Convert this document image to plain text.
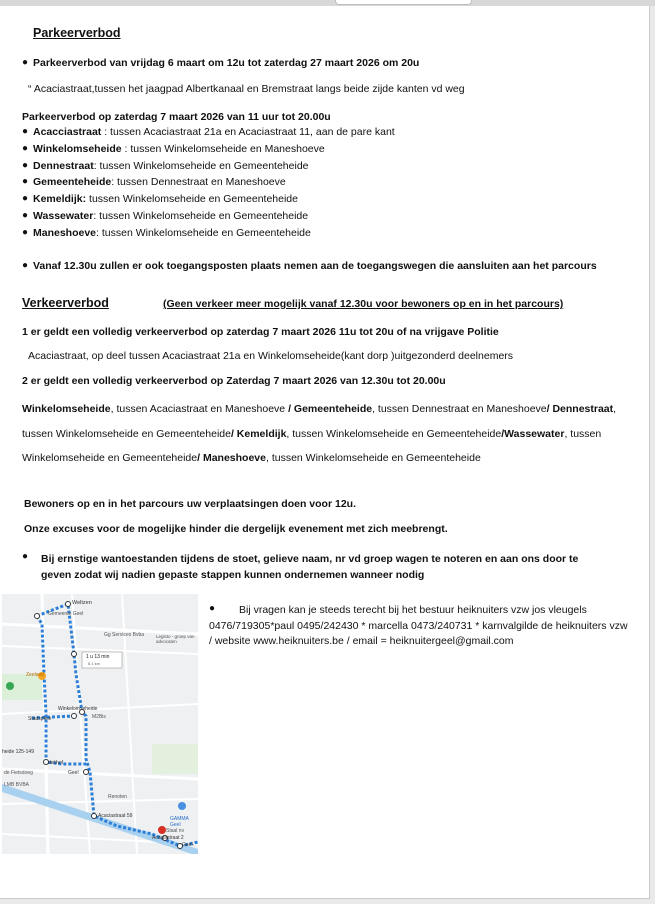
Parkeerverbod
● Parkeerverbod van vrijdag 6 maart om 12u tot zaterdag 27 maart 2026 om 20u
“ Acaciastraat,tussen het jaagpad Albertkanaal en Bremstraat langs beide zijde kanten vd weg
Parkeerverbod op zaterdag 7 maart 2026 van 11 uur tot 20.00u
● Acacciastraat : tussen Acaciastraat 21a en Acaciastraat 11, aan de pare kant
● Winkelomseheide : tussen Winkelomseheide en Maneshoeve
● Dennestraat: tussen Winkelomseheide en Gemeenteheide
● Gemeenteheide: tussen Dennestraat en Maneshoeve
● Kemeldijk: tussen Winkelomseheide en Gemeenteheide
● Wassewater: tussen Winkelomseheide en Gemeenteheide
● Maneshoeve: tussen Winkelomseheide en Gemeenteheide
● Vanaf 12.30u zullen er ook toegangsposten plaats nemen aan de toegangswegen die aansluiten aan het parcours
Verkeerverbod	(Geen verkeer meer mogelijk vanaf 12.30u voor bewoners op en in het parcours)
1 er geldt een volledig verkeerverbod op zaterdag 7 maart 2026 11u tot 20u of na vrijgave Politie
Acaciastraat, op deel tussen Acaciastraat 21a en Winkelomseheide(kant dorp )uitgezonderd deelnemers
2 er geldt een volledig verkeerverbod op Zaterdag 7 maart 2026 van 12.30u tot 20.00u
Winkelomseheide, tussen Acaciastraat en Maneshoeve / Gemeenteheide, tussen Dennestraat en Maneshoeve/ Dennestraat, tussen Winkelomseheide en Gemeenteheide/ Kemeldijk, tussen Winkelomseheide en Gemeenteheide/Wassewater, tussen Winkelomseheide en Gemeenteheide/ Maneshoeve, tussen Winkelomseheide en Gemeenteheide
Bewoners op en in het parcours uw verplaatsingen doen voor 12u.
Onze excuses voor de mogelijke hinder die dergelijk evenement met zich meebrengt.
● Bij ernstige wantoestanden tijdens de stoet, gelieve naam, nr vd groep wagen te noteren en aan ons door te geven zodat wij nadien gepaste stappen kunnen ondernemen wanneer nodig
Weltzen
Gemeente Geel
Gg Services Bvba	Legisto - groep van advocaten
1 u 13 min
6,1 km
Zeeland
Winkelomseheide
M2Bis
Stadsplein
heide 125-149
dekhof
de Fietsdoeg	Geel
LMB BVBA
Renoten
Acaciastraat 59	GAMMA Geel
Staal nv
Acaciastraat 2
Geel-
●	Bij vragen kan je steeds terecht bij het bestuur heiknuiters vzw jos vleugels 0476/719305*paul 0495/242430 * marcella 0473/240731 * karnvalgilde de heiknuiters vzw / website www.heiknuiters.be / email = heiknuitergeel@gmail.com
